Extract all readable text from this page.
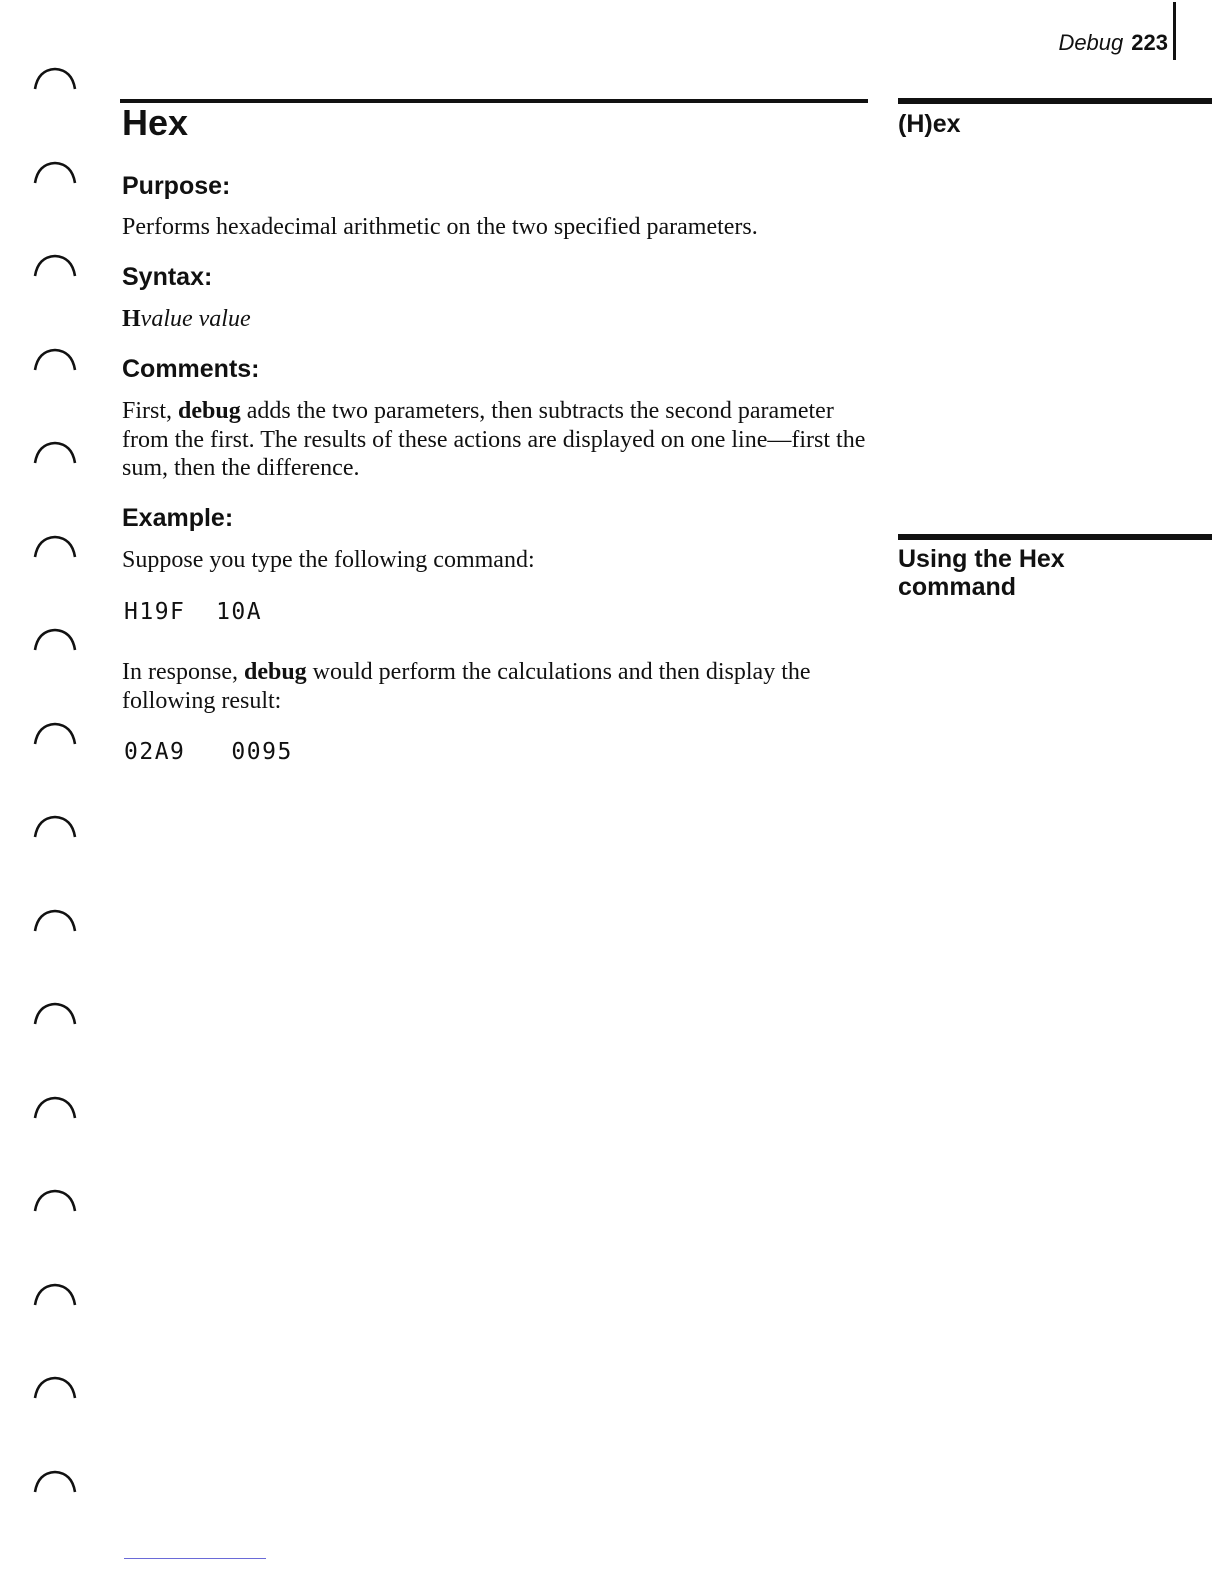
Debug 223
Hex	(H)ex
Using the Hex command
Purpose:
Performs hexadecimal arithmetic on the two specified parameters.
Syntax:
Hvalue value
Comments:
First, debug adds the two parameters, then subtracts the second parameter from the first. The results of these actions are displayed on one line—first the sum, then the difference.
Example:
Suppose you type the following command:
H19F  10A
In response, debug would perform the calculations and then display the following result:
02A9   0095
